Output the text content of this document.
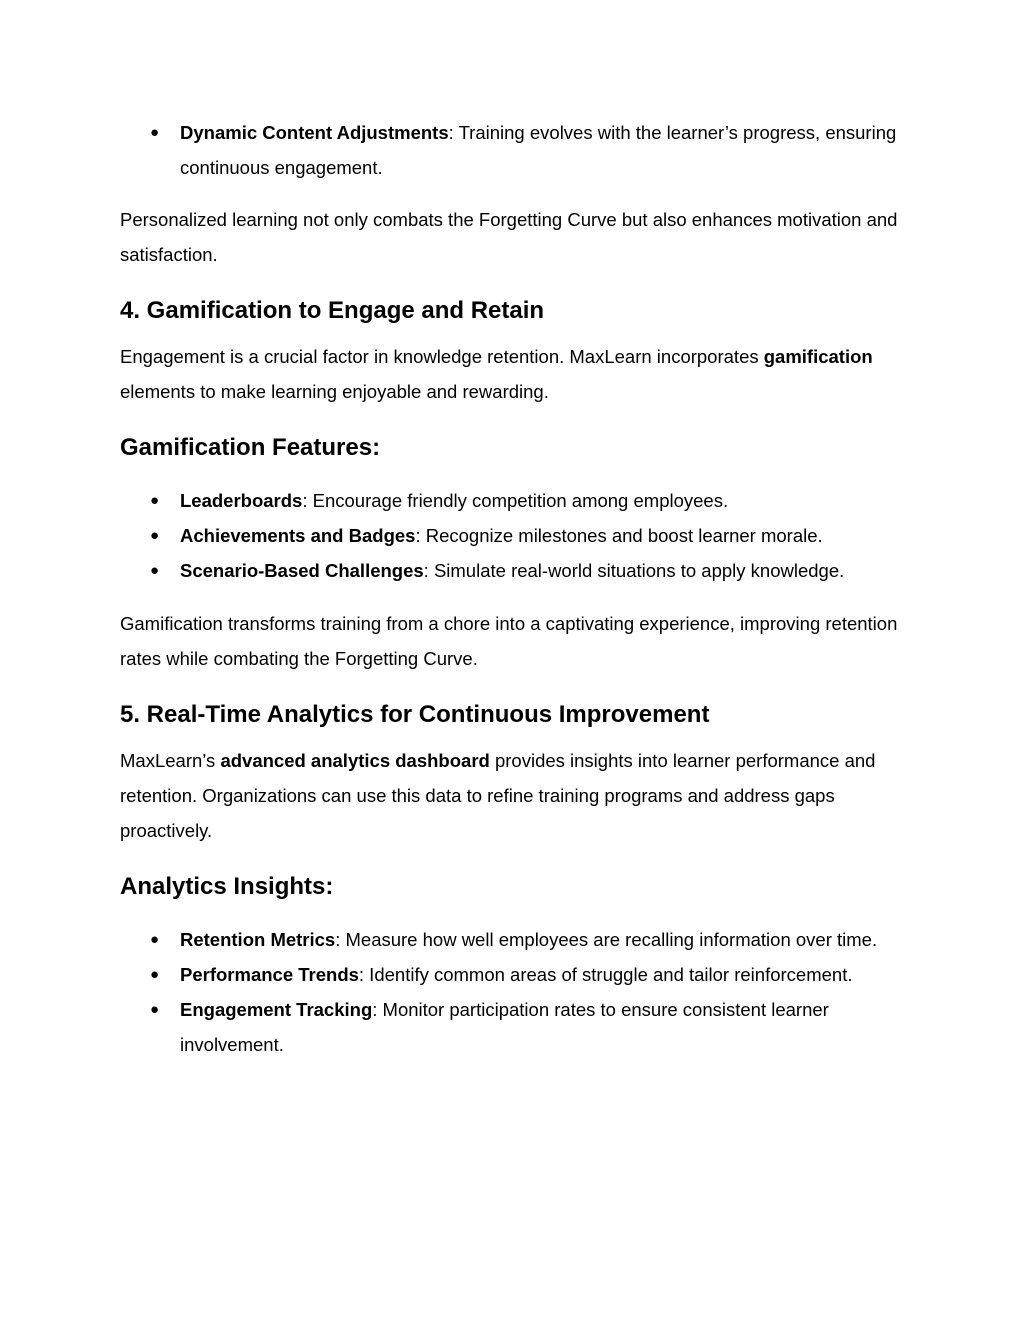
● Dynamic Content Adjustments: Training evolves with the learner’s progress, ensuring continuous engagement.

Personalized learning not only combats the Forgetting Curve but also enhances motivation and satisfaction.

4. Gamification to Engage and Retain

Engagement is a crucial factor in knowledge retention. MaxLearn incorporates gamification elements to make learning enjoyable and rewarding.

Gamification Features:
● Leaderboards: Encourage friendly competition among employees.
● Achievements and Badges: Recognize milestones and boost learner morale.
● Scenario-Based Challenges: Simulate real-world situations to apply knowledge.

Gamification transforms training from a chore into a captivating experience, improving retention rates while combating the Forgetting Curve.

5. Real-Time Analytics for Continuous Improvement

MaxLearn’s advanced analytics dashboard provides insights into learner performance and retention. Organizations can use this data to refine training programs and address gaps proactively.

Analytics Insights:
● Retention Metrics: Measure how well employees are recalling information over time.
● Performance Trends: Identify common areas of struggle and tailor reinforcement.
● Engagement Tracking: Monitor participation rates to ensure consistent learner involvement.
